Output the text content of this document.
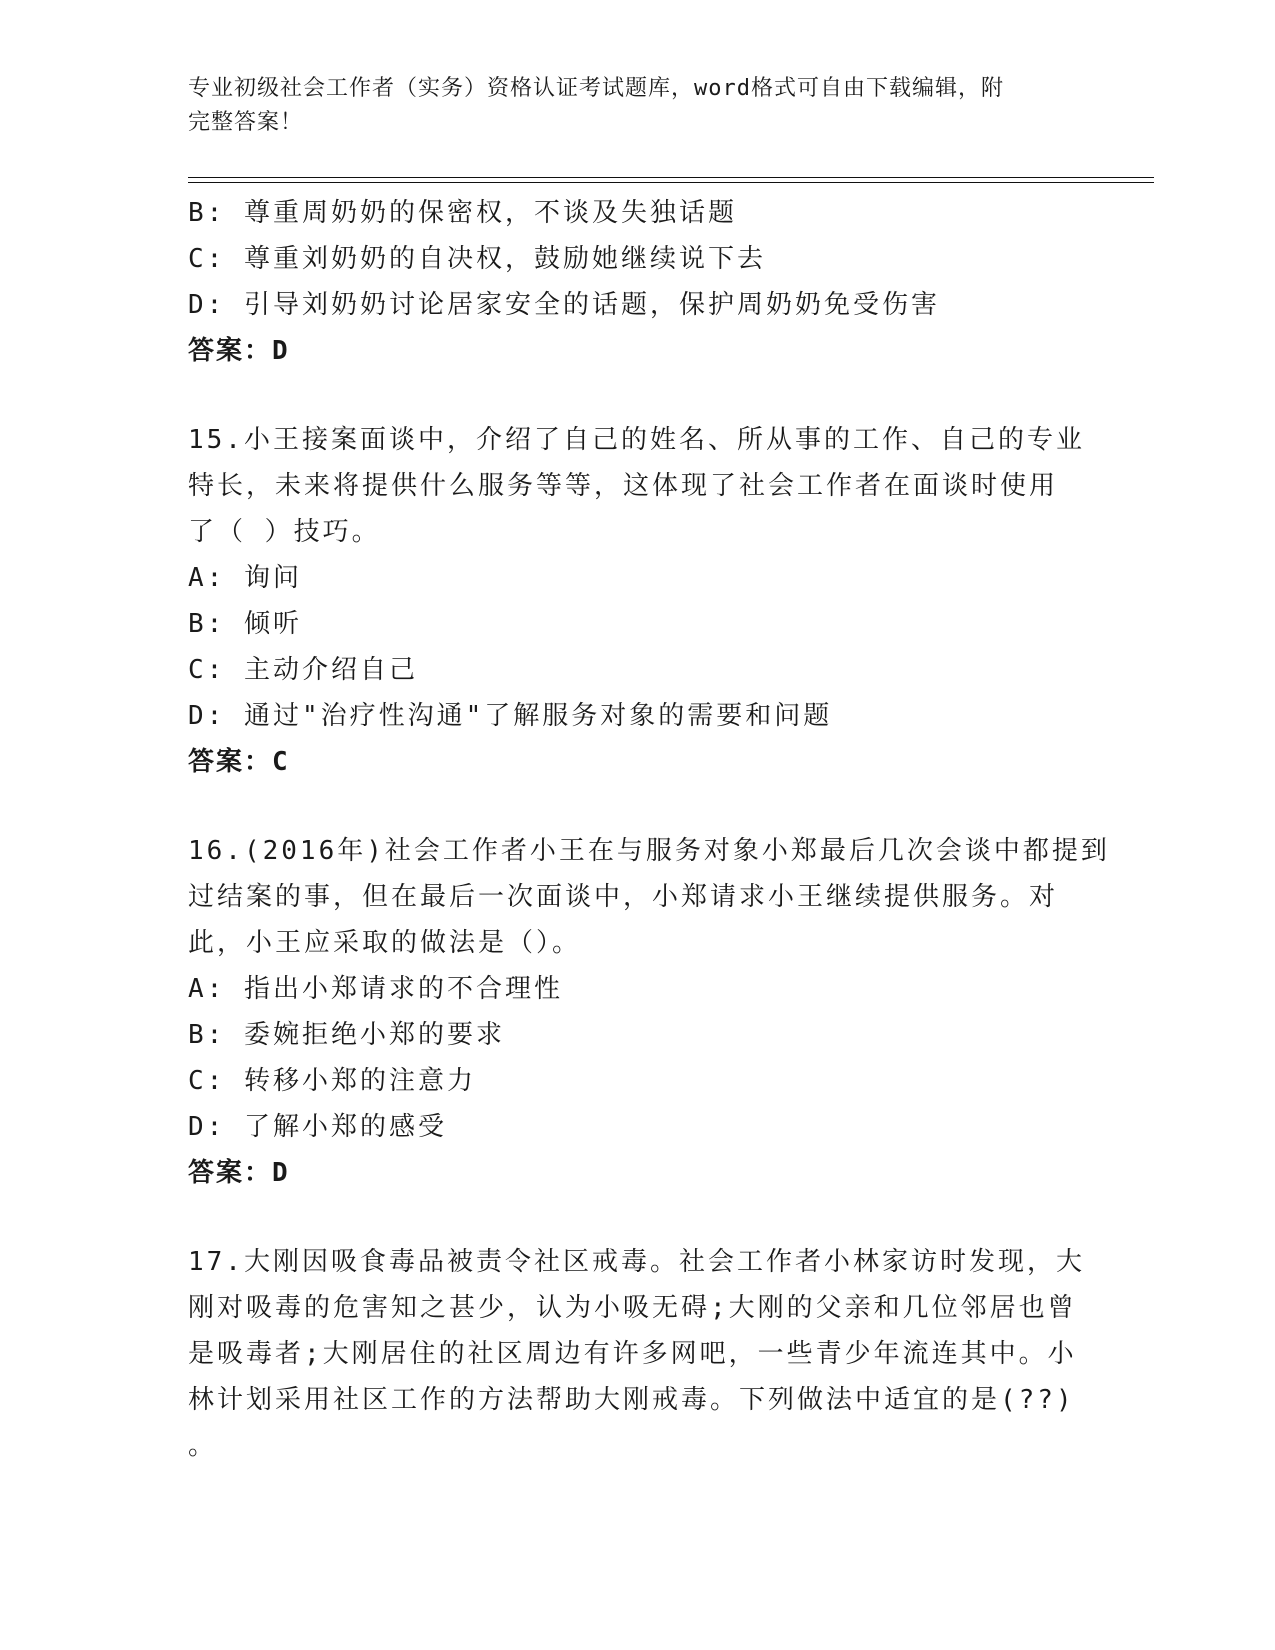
专业初级社会工作者（实务）资格认证考试题库，word格式可自由下载编辑，附
完整答案！
B: 尊重周奶奶的保密权，不谈及失独话题
C: 尊重刘奶奶的自决权，鼓励她继续说下去
D: 引导刘奶奶讨论居家安全的话题，保护周奶奶免受伤害
答案：D
15.小王接案面谈中，介绍了自己的姓名、所从事的工作、自己的专业
特长，未来将提供什么服务等等，这体现了社会工作者在面谈时使用
了（ ）技巧。
A: 询问
B: 倾听
C: 主动介绍自己
D: 通过"治疗性沟通"了解服务对象的需要和问题
答案：C
16.(2016年)社会工作者小王在与服务对象小郑最后几次会谈中都提到
过结案的事，但在最后一次面谈中，小郑请求小王继续提供服务。对
此，小王应采取的做法是（）。
A: 指出小郑请求的不合理性
B: 委婉拒绝小郑的要求
C: 转移小郑的注意力
D: 了解小郑的感受
答案：D
17.大刚因吸食毒品被责令社区戒毒。社会工作者小林家访时发现，大
刚对吸毒的危害知之甚少，认为小吸无碍;大刚的父亲和几位邻居也曾
是吸毒者;大刚居住的社区周边有许多网吧，一些青少年流连其中。小
林计划采用社区工作的方法帮助大刚戒毒。下列做法中适宜的是(??)
。
